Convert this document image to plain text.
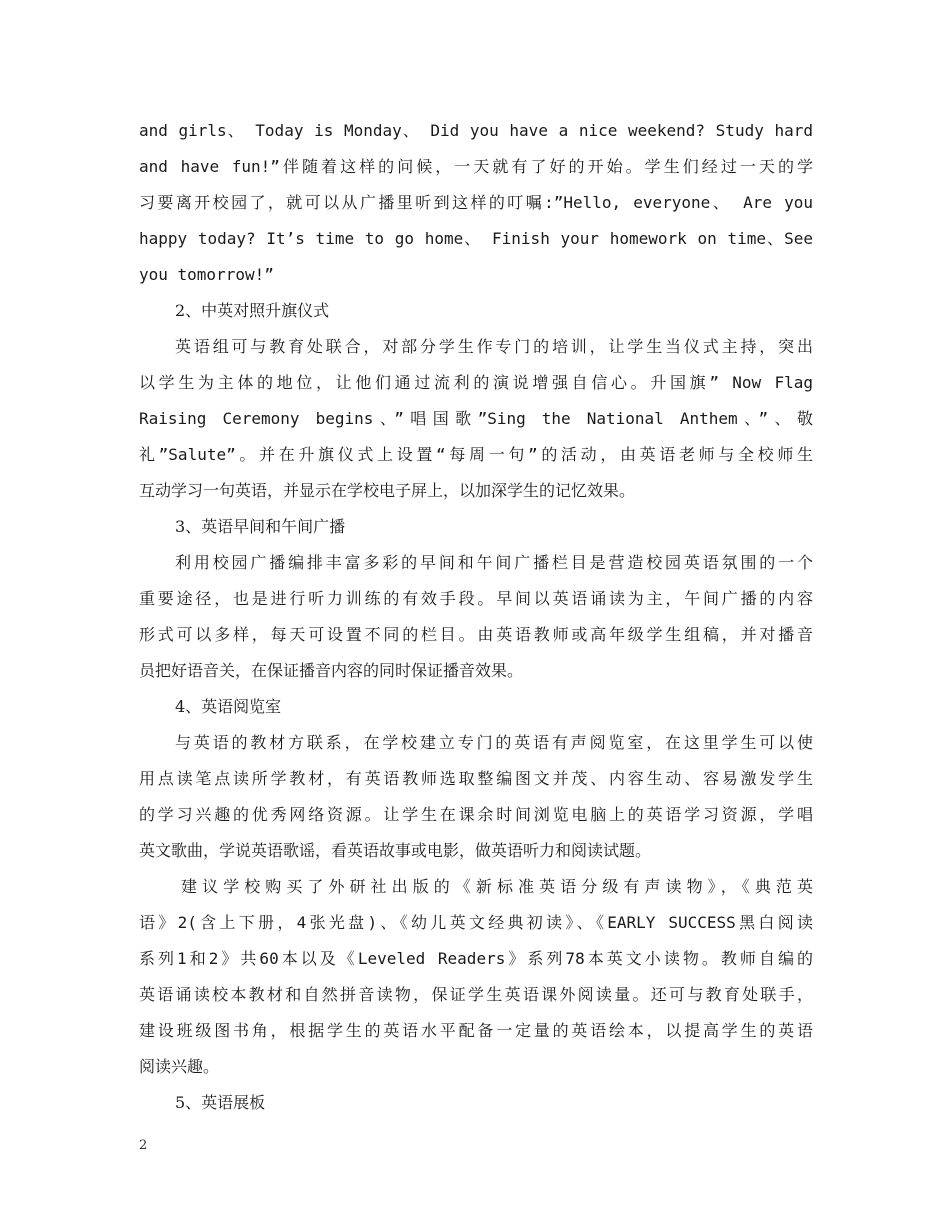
and girls、 Today is Monday、 Did you have a nice weekend? Study hard
and have fun!”伴随着这样的问候，一天就有了好的开始。学生们经过一天的学
习要离开校园了，就可以从广播里听到这样的叮嘱:”Hello, everyone、 Are you
happy today? It’s time to go home、 Finish your homework on time、See
you tomorrow!”
2、中英对照升旗仪式
英语组可与教育处联合，对部分学生作专门的培训，让学生当仪式主持，突出
以学生为主体的地位，让他们通过流利的演说增强自信心。升国旗” Now Flag
Raising Ceremony begins、”唱国歌”Sing the National Anthem、”、敬
礼”Salute”。并在升旗仪式上设置“每周一句”的活动，由英语老师与全校师生
互动学习一句英语，并显示在学校电子屏上，以加深学生的记忆效果。
3、英语早间和午间广播
利用校园广播编排丰富多彩的早间和午间广播栏目是营造校园英语氛围的一个
重要途径，也是进行听力训练的有效手段。早间以英语诵读为主，午间广播的内容
形式可以多样，每天可设置不同的栏目。由英语教师或高年级学生组稿，并对播音
员把好语音关，在保证播音内容的同时保证播音效果。
4、英语阅览室
与英语的教材方联系，在学校建立专门的英语有声阅览室，在这里学生可以使
用点读笔点读所学教材，有英语教师选取整编图文并茂、内容生动、容易激发学生
的学习兴趣的优秀网络资源。让学生在课余时间浏览电脑上的英语学习资源，学唱
英文歌曲，学说英语歌谣，看英语故事或电影，做英语听力和阅读试题。
建议学校购买了外研社出版的《新标准英语分级有声读物》，《典范英
语》2(含上下册，4张光盘)、《幼儿英文经典初读》、《EARLY SUCCESS黑白阅读
系列1和2》共60本以及《Leveled Readers》系列78本英文小读物。教师自编的
英语诵读校本教材和自然拼音读物，保证学生英语课外阅读量。还可与教育处联手，
建设班级图书角，根据学生的英语水平配备一定量的英语绘本，以提高学生的英语
阅读兴趣。
5、英语展板
2
